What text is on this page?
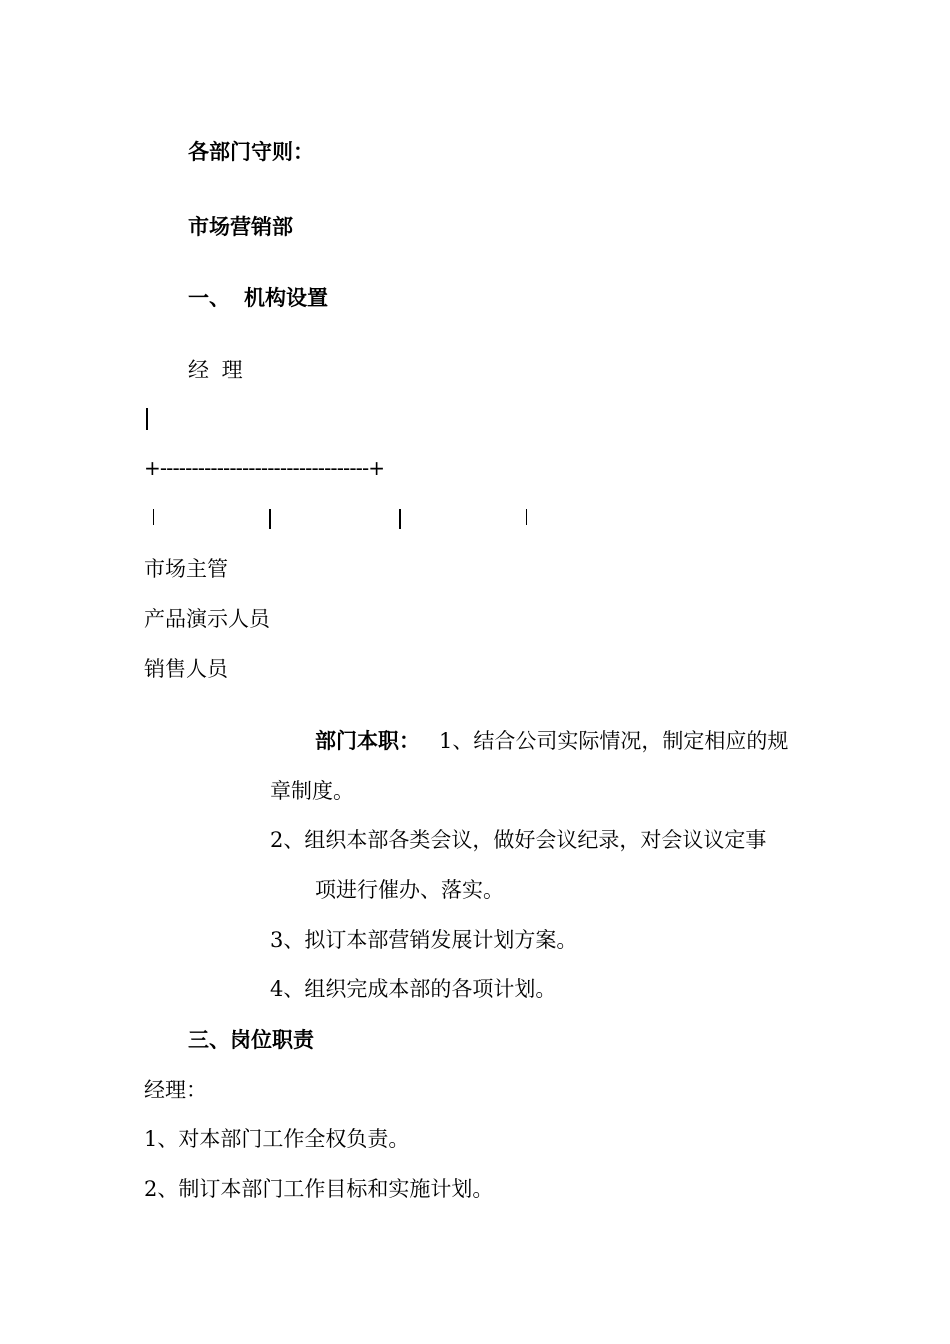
各部门守则：
市场营销部
一、 机构设置
经 理
+---------------------------------+
市场主管
产品演示人员
销售人员
部门本职： 1、结合公司实际情况，制定相应的规
章制度。
2、组织本部各类会议，做好会议纪录，对会议议定事
项进行催办、落实。
3、拟订本部营销发展计划方案。
4、组织完成本部的各项计划。
三、岗位职责
经理：
1、对本部门工作全权负责。
2、制订本部门工作目标和实施计划。
